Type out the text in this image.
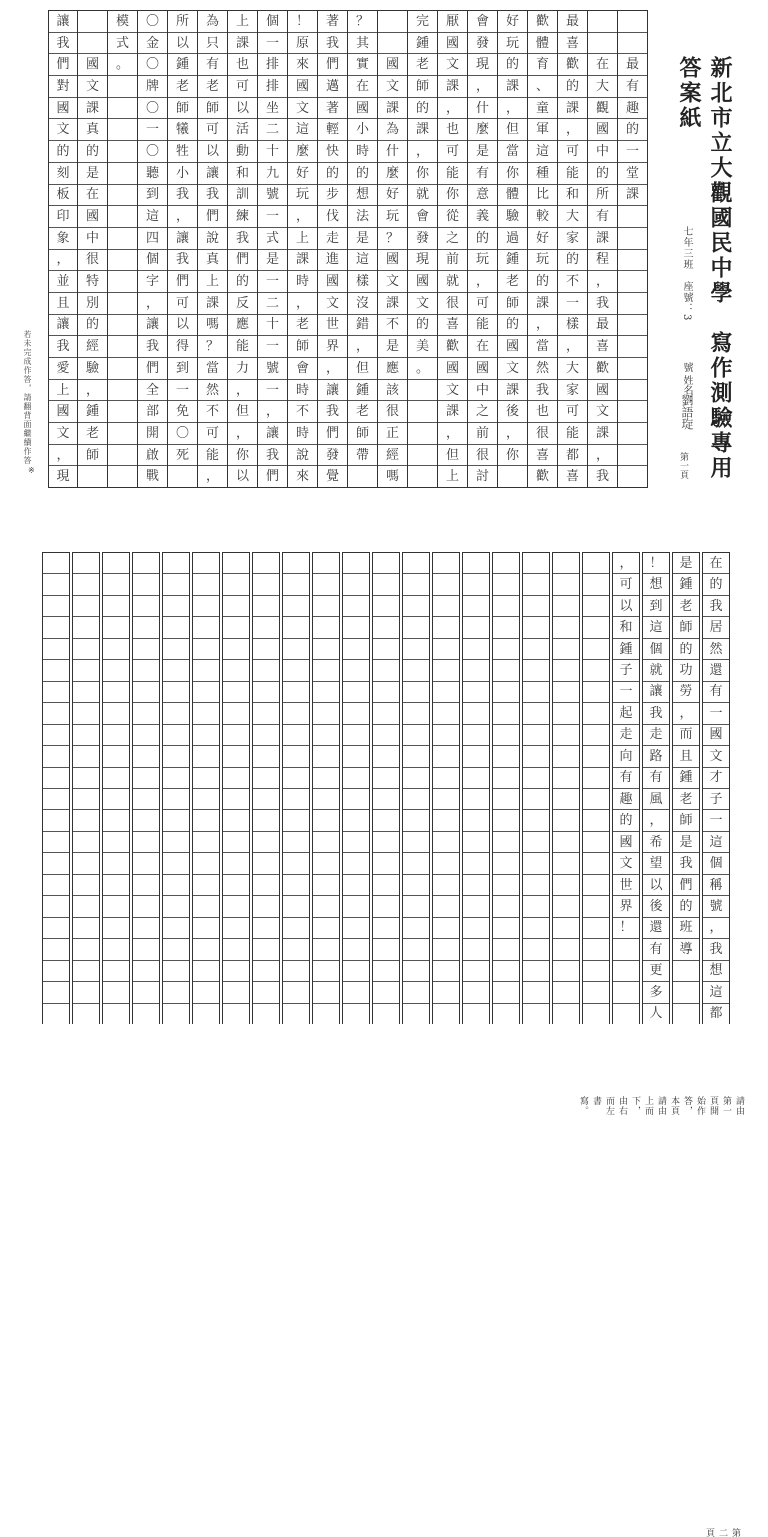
新北市立大觀國民中學　寫作測驗專用答案紙
七年三班　座號：3
號 姓名：
劉語琁
第一頁
若未完成作答，請翻背面繼續作答
※
最
有
趣
的
一
堂
課
在
大
觀
國
中
的
所
有
課
程
，
我
最
喜
歡
國
文
課
，
我
最
喜
歡
的
課
，
可
能
和
大
家
的
不
一
樣
，
大
家
可
能
都
喜
歡
體
育
、
童
軍
這
種
比
較
好
玩
的
課
，
當
然
我
也
很
喜
歡
好
玩
的
課
，
但
當
你
體
驗
過
鍾
老
師
的
國
文
課
後
，
你
會
發
現
，
什
麼
是
有
意
義
的
玩
，
可
能
在
國
中
之
前
很
討
厭
國
文
課
，
也
可
能
你
從
之
前
就
很
喜
歡
國
文
課
，
但
上
完
鍾
老
師
的
課
，
你
就
會
發
現
國
文
的
美
。
國
文
課
為
什
麼
好
玩
？
國
文
課
不
是
應
該
很
正
經
嗎
？
其
實
在
國
小
時
的
想
法
是
這
樣
沒
錯
，
但
鍾
老
師
帶
著
我
們
邁
著
輕
快
的
步
伐
走
進
國
文
世
界
，
讓
我
們
發
覺
！
原
來
國
文
這
麼
好
玩
，
上
課
時
，
老
師
會
時
不
時
說
來
個
一
排
排
坐
二
十
九
號
一
式
是
一
二
十
一
號
一
，
讓
我
們
上
課
也
可
以
活
動
和
訓
練
我
們
的
反
應
能
力
，
但
，
你
以
為
只
有
老
師
可
以
讓
我
們
說
真
上
課
嗎
？
當
然
不
可
能
，
所
以
鍾
老
師
犧
牲
小
我
，
讓
我
們
可
以
得
到
一
免
〇
死
〇
金
〇
牌
〇
一
〇
聽
到
這
四
個
字
，
讓
我
們
全
部
開
啟
戰
模
式
。
國
文
課
真
的
是
在
國
中
很
特
別
的
經
驗
，
鍾
老
師
讓
我
們
對
國
文
的
刻
板
印
象
，
並
且
讓
我
愛
上
國
文
，
現
請由第一頁開始作答，本頁請由上而下，由右而左書寫。
第二頁
在
的
我
居
然
還
有
一
國
文
才
子
一
這
個
稱
號
，
我
想
這
都
是
鍾
老
師
的
功
勞
，
而
且
鍾
老
師
是
我
們
的
班
導
！
想
到
這
個
就
讓
我
走
路
有
風
，
希
望
以
後
還
有
更
多
人
，
可
以
和
鍾
子
一
起
走
向
有
趣
的
國
文
世
界
！
